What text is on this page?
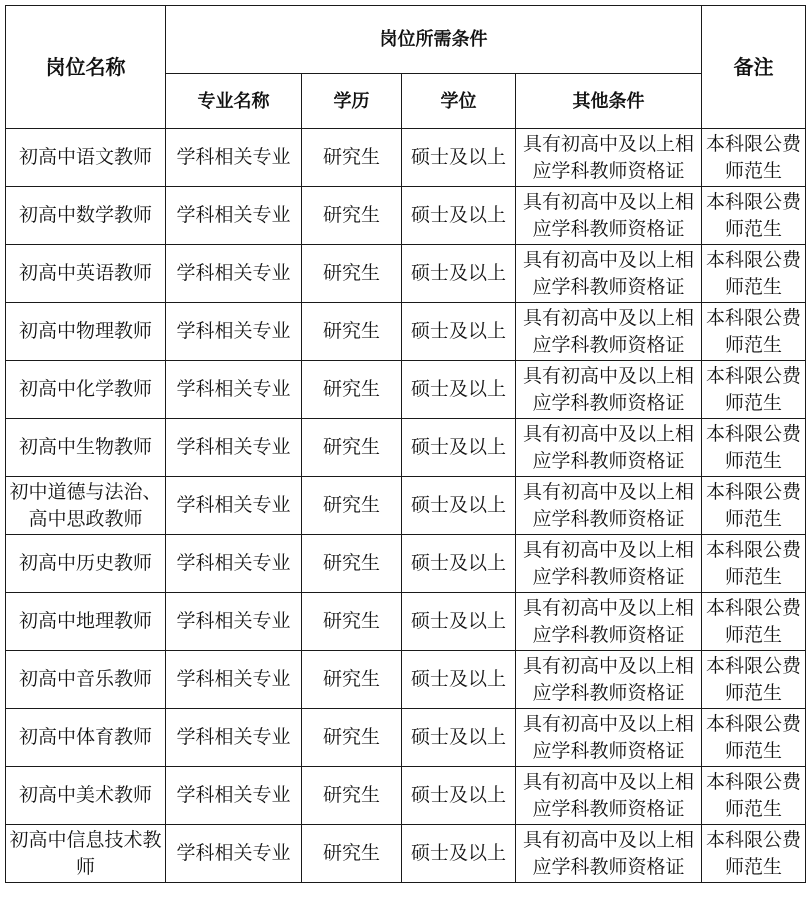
岗位名称	岗位所需条件				备注
	专业名称	学历	学位	其他条件	
初高中语文教师	学科相关专业	研究生	硕士及以上	具有初高中及以上相应学科教师资格证	本科限公费师范生
初高中数学教师	学科相关专业	研究生	硕士及以上	具有初高中及以上相应学科教师资格证	本科限公费师范生
初高中英语教师	学科相关专业	研究生	硕士及以上	具有初高中及以上相应学科教师资格证	本科限公费师范生
初高中物理教师	学科相关专业	研究生	硕士及以上	具有初高中及以上相应学科教师资格证	本科限公费师范生
初高中化学教师	学科相关专业	研究生	硕士及以上	具有初高中及以上相应学科教师资格证	本科限公费师范生
初高中生物教师	学科相关专业	研究生	硕士及以上	具有初高中及以上相应学科教师资格证	本科限公费师范生
初中道德与法治、高中思政教师	学科相关专业	研究生	硕士及以上	具有初高中及以上相应学科教师资格证	本科限公费师范生
初高中历史教师	学科相关专业	研究生	硕士及以上	具有初高中及以上相应学科教师资格证	本科限公费师范生
初高中地理教师	学科相关专业	研究生	硕士及以上	具有初高中及以上相应学科教师资格证	本科限公费师范生
初高中音乐教师	学科相关专业	研究生	硕士及以上	具有初高中及以上相应学科教师资格证	本科限公费师范生
初高中体育教师	学科相关专业	研究生	硕士及以上	具有初高中及以上相应学科教师资格证	本科限公费师范生
初高中美术教师	学科相关专业	研究生	硕士及以上	具有初高中及以上相应学科教师资格证	本科限公费师范生
初高中信息技术教师	学科相关专业	研究生	硕士及以上	具有初高中及以上相应学科教师资格证	本科限公费师范生
